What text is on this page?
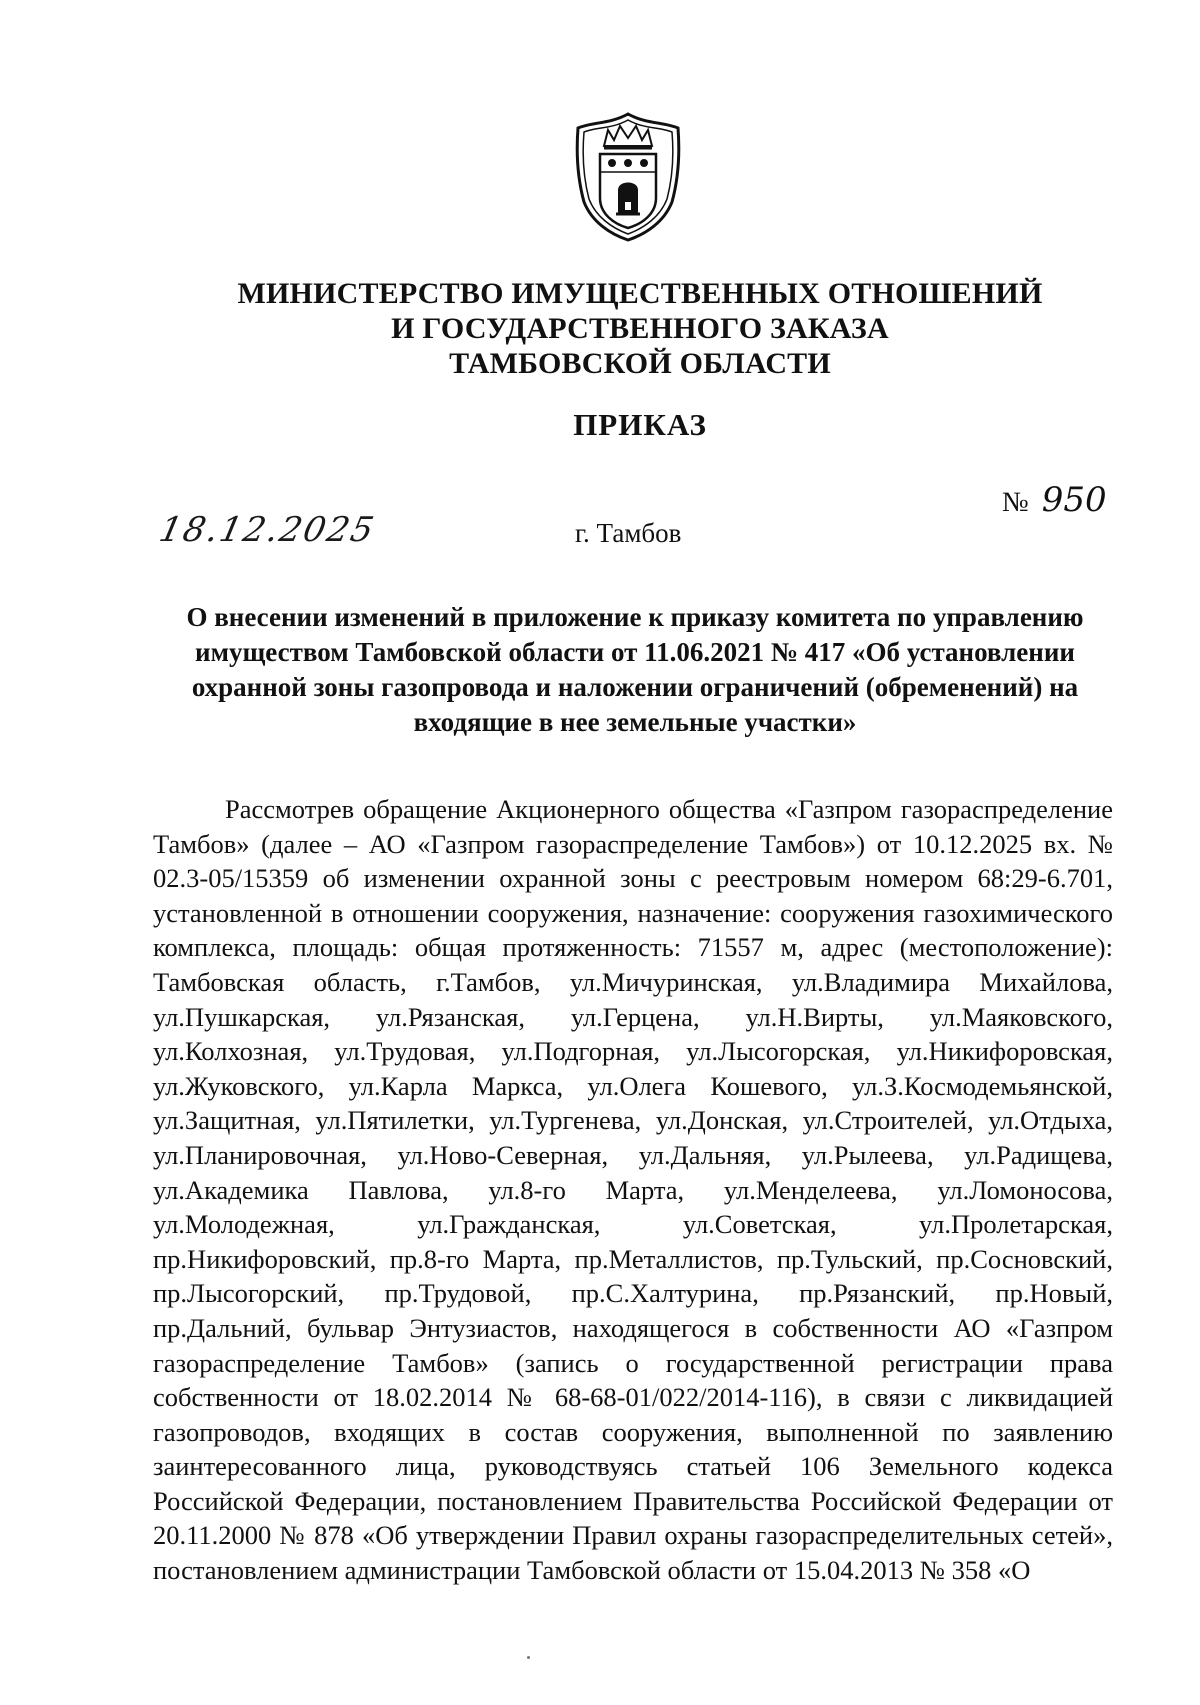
МИНИСТЕРСТВО ИМУЩЕСТВЕННЫХ ОТНОШЕНИЙ
И ГОСУДАРСТВЕННОГО ЗАКАЗА
ТАМБОВСКОЙ ОБЛАСТИ
ПРИКАЗ
18.12.2025
№ 950
г. Тамбов
О внесении изменений в приложение к приказу комитета по управлению имуществом Тамбовской области от 11.06.2021 № 417 «Об установлении охранной зоны газопровода и наложении ограничений (обременений) на входящие в нее земельные участки»

Рассмотрев обращение Акционерного общества «Газпром газораспределение Тамбов» (далее – АО «Газпром газораспределение Тамбов») от 10.12.2025 вх. № 02.3-05/15359 об изменении охранной зоны с реестровым номером 68:29-6.701, установленной в отношении сооружения, назначение: сооружения газохимического комплекса, площадь: общая протяженность: 71557 м, адрес (местоположение): Тамбовская область, г.Тамбов, ул.Мичуринская, ул.Владимира Михайлова, ул.Пушкарская, ул.Рязанская, ул.Герцена, ул.Н.Вирты, ул.Маяковского, ул.Колхозная, ул.Трудовая, ул.Подгорная, ул.Лысогорская, ул.Никифоровская, ул.Жуковского, ул.Карла Маркса, ул.Олега Кошевого, ул.З.Космодемьянской, ул.Защитная, ул.Пятилетки, ул.Тургенева, ул.Донская, ул.Строителей, ул.Отдыха, ул.Планировочная, ул.Ново-Северная, ул.Дальняя, ул.Рылеева, ул.Радищева, ул.Академика Павлова, ул.8-го Марта, ул.Менделеева, ул.Ломоносова, ул.Молодежная, ул.Гражданская, ул.Советская, ул.Пролетарская, пр.Никифоровский, пр.8-го Марта, пр.Металлистов, пр.Тульский, пр.Сосновский, пр.Лысогорский, пр.Трудовой, пр.С.Халтурина, пр.Рязанский, пр.Новый, пр.Дальний, бульвар Энтузиастов, находящегося в собственности АО «Газпром газораспределение Тамбов» (запись о государственной регистрации права собственности от 18.02.2014 № 68-68-01/022/2014-116), в связи с ликвидацией газопроводов, входящих в состав сооружения, выполненной по заявлению заинтересованного лица, руководствуясь статьей 106 Земельного кодекса Российской Федерации, постановлением Правительства Российской Федерации от 20.11.2000 № 878 «Об утверждении Правил охраны газораспределительных сетей», постановлением администрации Тамбовской области от 15.04.2013 № 358 «О
